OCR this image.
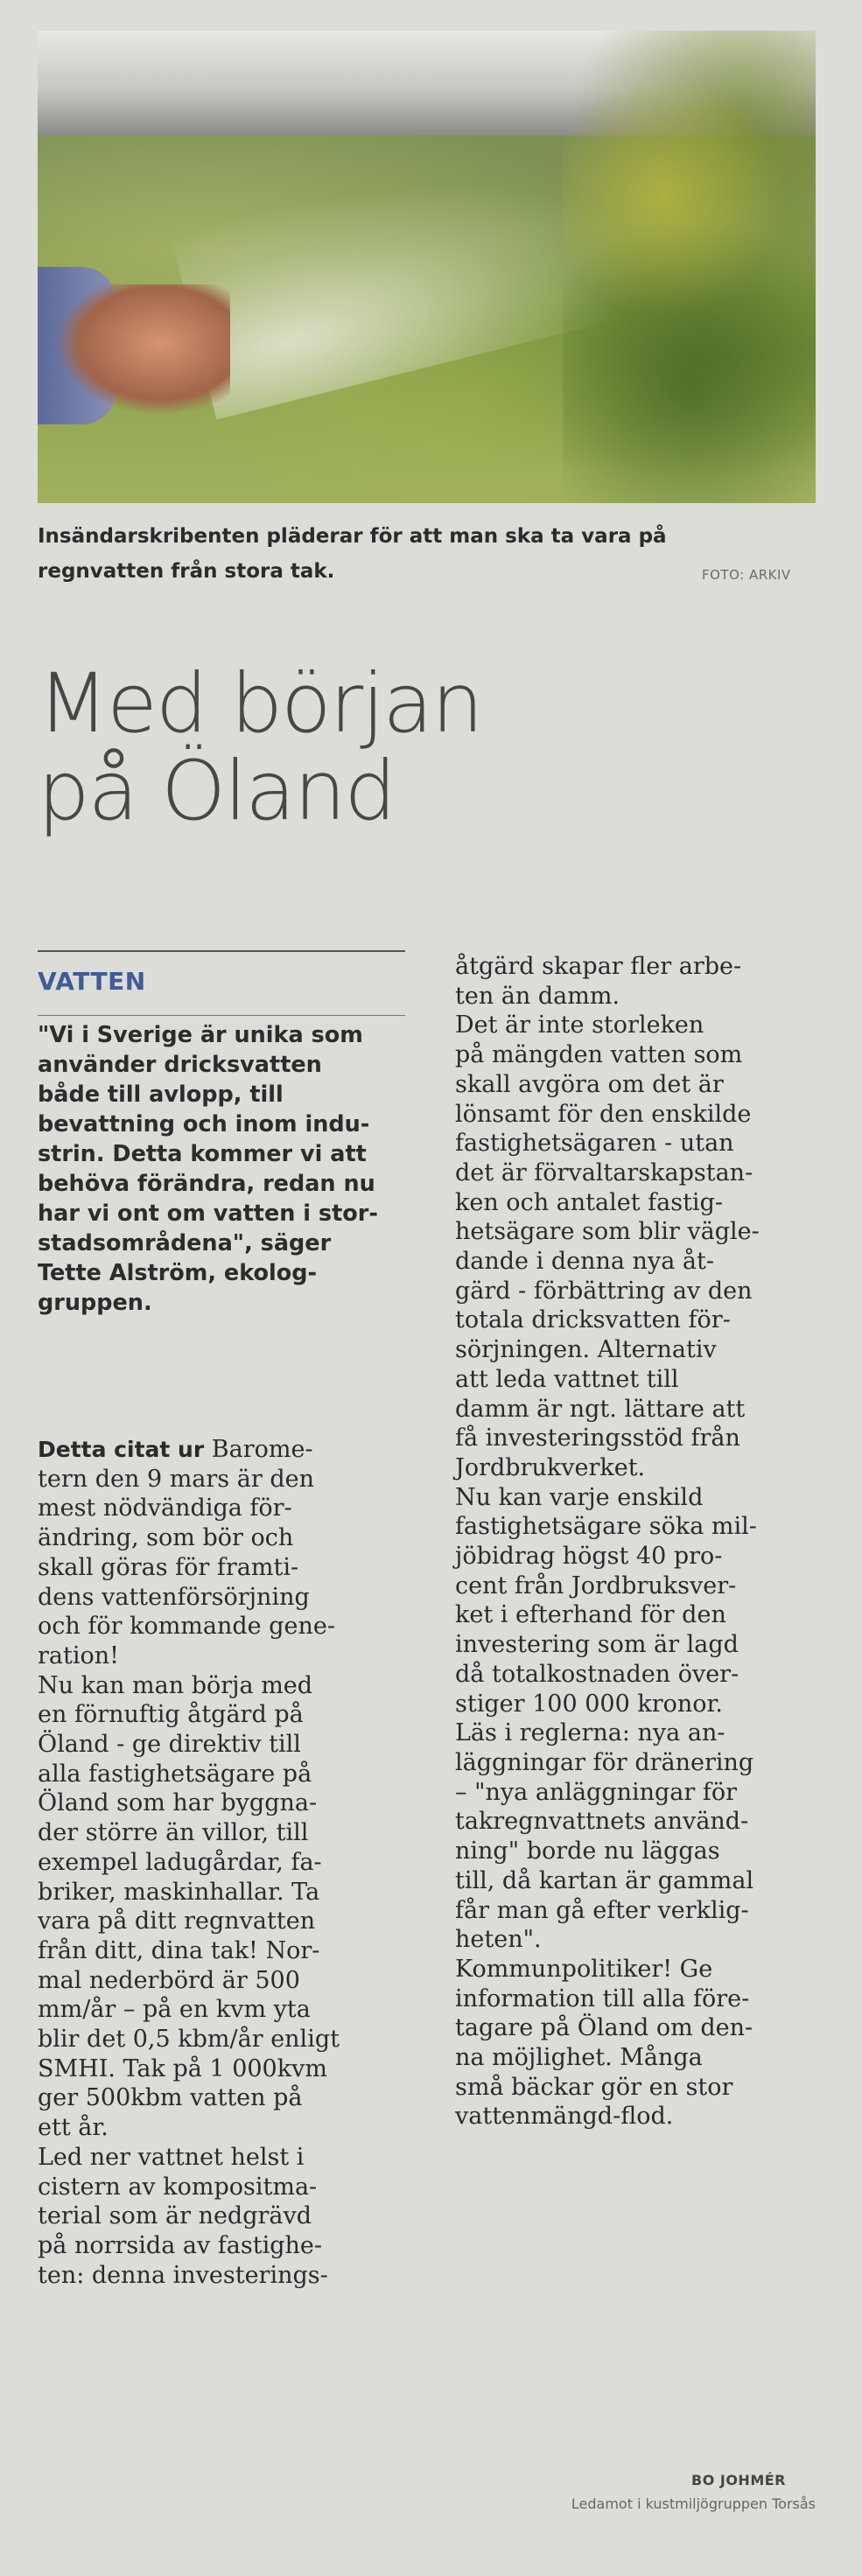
Insändarskribenten pläderar för att man ska ta vara på
regnvatten från stora tak.	FOTO: ARKIV
Med början
på Öland
VATTEN
"Vi i Sverige är unika som
använder dricksvatten
både till avlopp, till
bevattning och inom indu-
strin. Detta kommer vi att
behöva förändra, redan nu
har vi ont om vatten i stor-
stadsområdena", säger
Tette Alström, ekolog-
gruppen.
Detta citat ur Barome-
tern den 9 mars är den
mest nödvändiga för-
ändring, som bör och
skall göras för framti-
dens vattenförsörjning
och för kommande gene-
ration!
Nu kan man börja med
en förnuftig åtgärd på
Öland - ge direktiv till
alla fastighetsägare på
Öland som har byggna-
der större än villor, till
exempel ladugårdar, fa-
briker, maskinhallar. Ta
vara på ditt regnvatten
från ditt, dina tak! Nor-
mal nederbörd är 500
mm/år – på en kvm yta
blir det 0,5 kbm/år enligt
SMHI. Tak på 1 000kvm
ger 500kbm vatten på
ett år.
Led ner vattnet helst i
cistern av kompositma-
terial som är nedgrävd
på norrsida av fastighe-
ten: denna investerings-
åtgärd skapar fler arbe-
ten än damm.
Det är inte storleken
på mängden vatten som
skall avgöra om det är
lönsamt för den enskilde
fastighetsägaren - utan
det är förvaltarskapstan-
ken och antalet fastig-
hetsägare som blir vägle-
dande i denna nya åt-
gärd - förbättring av den
totala dricksvatten för-
sörjningen. Alternativ
att leda vattnet till
damm är ngt. lättare att
få investeringsstöd från
Jordbrukverket.
Nu kan varje enskild
fastighetsägare söka mil-
jöbidrag högst 40 pro-
cent från Jordbruksver-
ket i efterhand för den
investering som är lagd
då totalkostnaden över-
stiger 100 000 kronor.
Läs i reglerna: nya an-
läggningar för dränering
– "nya anläggningar för
takregnvattnets använd-
ning" borde nu läggas
till, då kartan är gammal
får man gå efter verklig-
heten".
Kommunpolitiker! Ge
information till alla före-
tagare på Öland om den-
na möjlighet. Många
små bäckar gör en stor
vattenmängd-flod.
BO JOHMÉR
Ledamot i kustmiljögruppen Torsås
